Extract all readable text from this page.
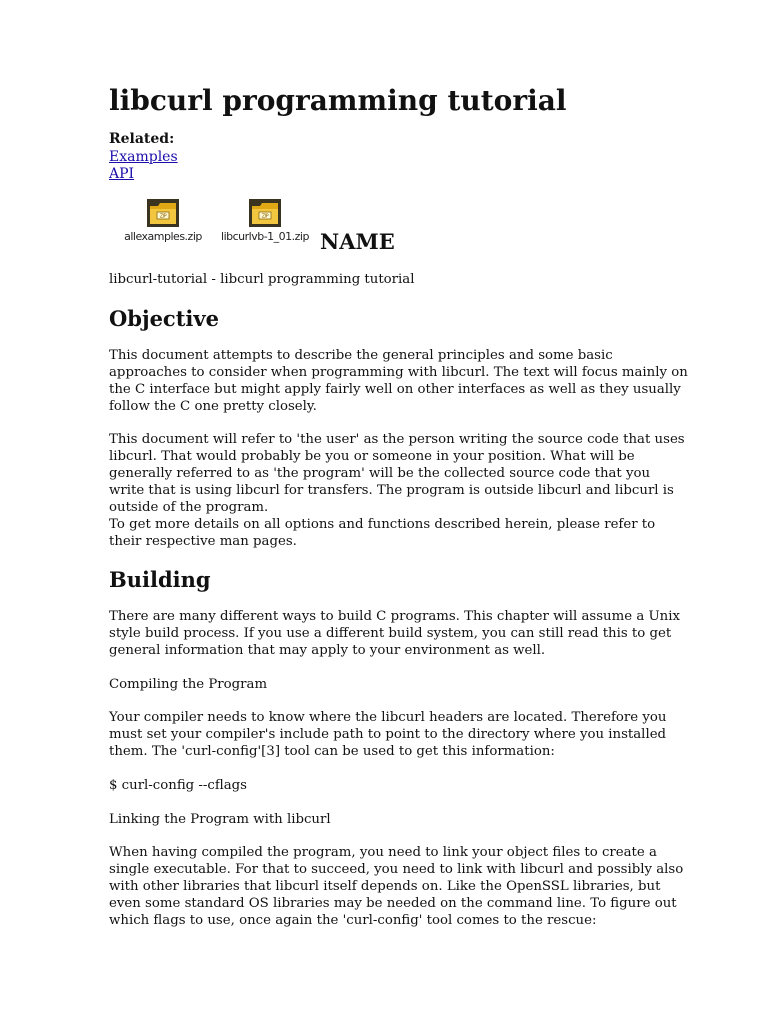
libcurl programming tutorial
Related:
Examples
API
ZIP
allexamples.zip
ZIP
libcurlvb-1_01.zip NAME

libcurl-tutorial - libcurl programming tutorial

Objective

This document attempts to describe the general principles and some basic approaches to consider when programming with libcurl. The text will focus mainly on the C interface but might apply fairly well on other interfaces as well as they usually follow the C one pretty closely.

This document will refer to 'the user' as the person writing the source code that uses libcurl. That would probably be you or someone in your position. What will be generally referred to as 'the program' will be the collected source code that you write that is using libcurl for transfers. The program is outside libcurl and libcurl is outside of the program.

To get more details on all options and functions described herein, please refer to their respective man pages.

Building

There are many different ways to build C programs. This chapter will assume a Unix style build process. If you use a different build system, you can still read this to get general information that may apply to your environment as well.

Compiling the Program

Your compiler needs to know where the libcurl headers are located. Therefore you must set your compiler's include path to point to the directory where you installed them. The 'curl-config'[3] tool can be used to get this information:

$ curl-config --cflags

Linking the Program with libcurl

When having compiled the program, you need to link your object files to create a single executable. For that to succeed, you need to link with libcurl and possibly also with other libraries that libcurl itself depends on. Like the OpenSSL libraries, but even some standard OS libraries may be needed on the command line. To figure out which flags to use, once again the 'curl-config' tool comes to the rescue:
